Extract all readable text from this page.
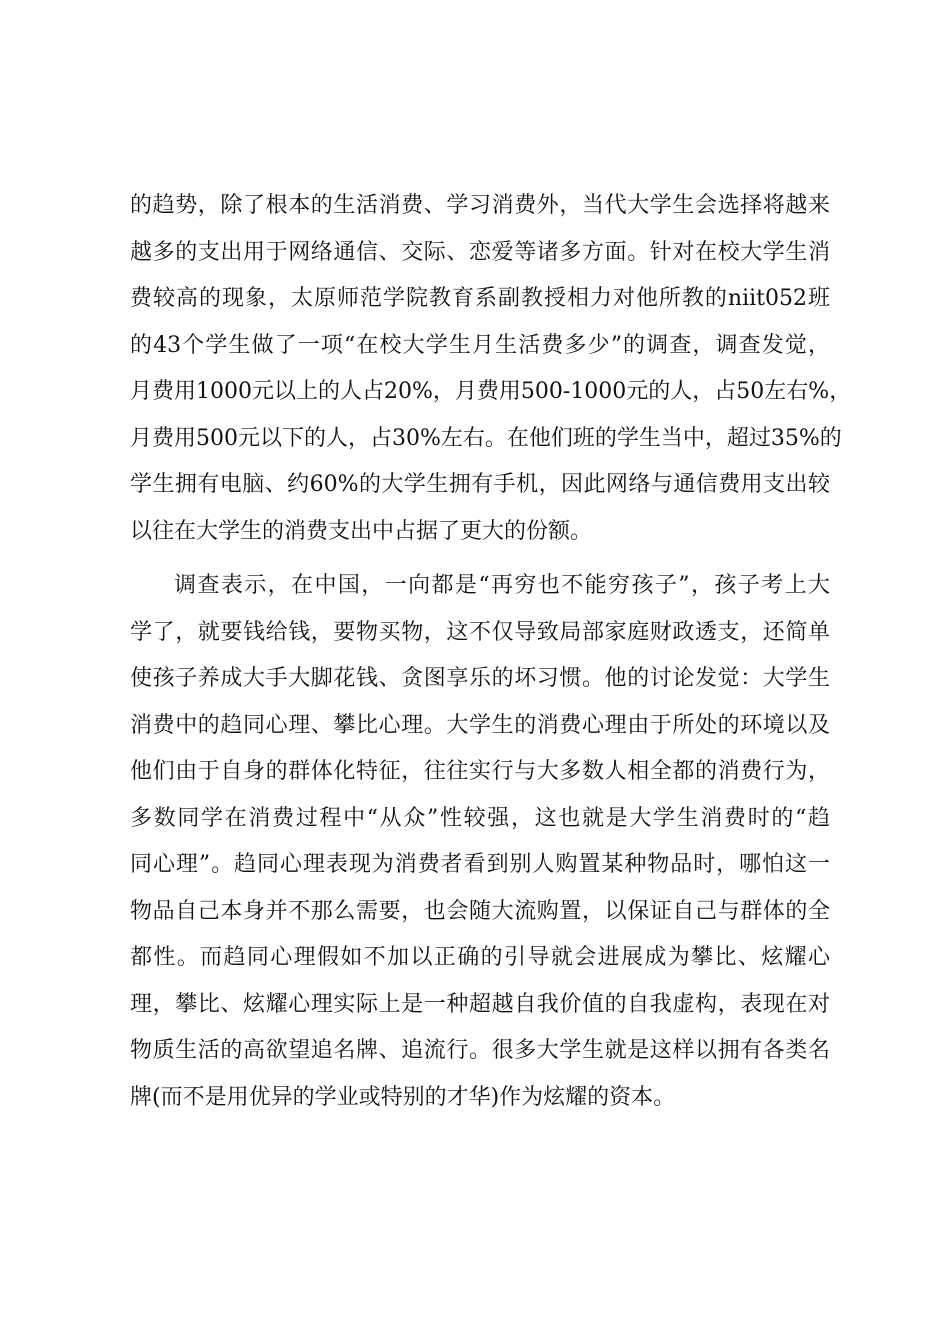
的趋势，除了根本的生活消费、学习消费外，当代大学生会选择将越来
越多的支出用于网络通信、交际、恋爱等诸多方面。针对在校大学生消
费较高的现象，太原师范学院教育系副教授相力对他所教的niit052班
的43个学生做了一项“在校大学生月生活费多少”的调查，调查发觉，
月费用1000元以上的人占20%，月费用500-1000元的人，占50左右%，
月费用500元以下的人，占30%左右。在他们班的学生当中，超过35%的
学生拥有电脑、约60%的大学生拥有手机，因此网络与通信费用支出较
以往在大学生的消费支出中占据了更大的份额。
调查表示，在中国，一向都是“再穷也不能穷孩子”，孩子考上大
学了，就要钱给钱，要物买物，这不仅导致局部家庭财政透支，还简单
使孩子养成大手大脚花钱、贪图享乐的坏习惯。他的讨论发觉：大学生
消费中的趋同心理、攀比心理。大学生的消费心理由于所处的环境以及
他们由于自身的群体化特征，往往实行与大多数人相全都的消费行为，
多数同学在消费过程中“从众”性较强，这也就是大学生消费时的“趋
同心理”。趋同心理表现为消费者看到别人购置某种物品时，哪怕这一
物品自己本身并不那么需要，也会随大流购置，以保证自己与群体的全
都性。而趋同心理假如不加以正确的引导就会进展成为攀比、炫耀心
理，攀比、炫耀心理实际上是一种超越自我价值的自我虚构，表现在对
物质生活的高欲望追名牌、追流行。很多大学生就是这样以拥有各类名
牌(而不是用优异的学业或特别的才华)作为炫耀的资本。
